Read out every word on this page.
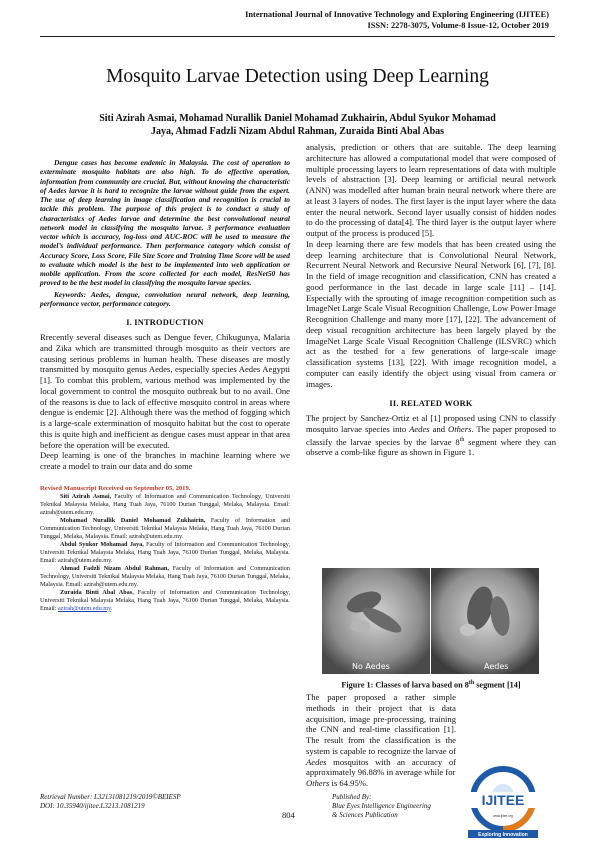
International Journal of Innovative Technology and Exploring Engineering (IJITEE)
ISSN: 2278-3075, Volume-8 Issue-12, October 2019
Mosquito Larvae Detection using Deep Learning
Siti Azirah Asmai, Mohamad Nurallik Daniel Mohamad Zukhairin, Abdul Syukor Mohamad
Jaya, Ahmad Fadzli Nizam Abdul Rahman, Zuraida Binti Abal Abas

Dengue cases has become endemic in Malaysia. The cost of operation to exterminate mosquito habitats are also high. To do effective operation, information from community are crucial. But, without knowing the characteristic of Aedes larvae it is hard to recognize the larvae without guide from the expert. The use of deep learning in image classification and recognition is crucial to tackle this problem. The purpose of this project is to conduct a study of characteristics of Aedes larvae and determine the best convolutional neural network model in classifying the mosquito larvae. 3 performance evaluation vector which is accuracy, log-loss and AUC-ROC will be used to measure the model’s individual performance. Then performance category which consist of Accuracy Score, Loss Score, File Size Score and Training Time Score will be used to evaluate which model is the best to be implemented into web application or mobile application. From the score collected for each model, ResNet50 has proved to be the best model in classifying the mosquito larvae species.

Keywords: Aedes, dengue, convolution neural network, deep learning, performance vector, performance category.

I. INTRODUCTION

Rrecently several diseases such as Dengue fever, Chikugunya, Malaria and Zika which are transmitted through mosquito as their vectors are causing serious problems in human health. These diseases are mostly transmitted by mosquito genus Aedes, especially species Aedes Aegypti [1]. To combat this problem, various method was implemented by the local government to control the mosquito outbreak but to no avail. One of the reasons is due to lack of effective mosquito control in areas where dengue is endemic [2]. Although there was the method of fogging which is a large-scale extermination of mosquito habitat but the cost to operate this is quite high and inefficient as dengue cases must appear in that area before the operation will be executed.
Deep learning is one of the branches in machine learning where we create a model to train our data and do some

Revised Manuscript Received on September 05, 2019.
Siti Azirah Asmai, Faculty of Information and Communication Technology, Universiti Teknikal Malaysia Melaka, Hang Tuah Jaya, 76100 Durian Tunggal, Melaka, Malaysia. Email: azirah@utem.edu.my.
Mohamad Nurallik Daniel Mohamad Zukhairin, Faculty of Information and Communication Technology, Universiti Teknikal Malaysia Melaka, Hang Tuah Jaya, 76100 Durian Tunggal, Melaka, Malaysia. Email: azirah@utem.edu.my.
Abdul Syukor Mohamad Jaya, Faculty of Information and Communication Technology, Universiti Teknikal Malaysia Melaka, Hang Tuah Jaya, 76100 Durian Tunggal, Melaka, Malaysia. Email: azirah@utem.edu.my.
Ahmad Fadzli Nizam Abdul Rahman, Faculty of Information and Communication Technology, Universiti Teknikal Malaysia Melaka, Hang Tuah Jaya, 76100 Durian Tunggal, Melaka, Malaysia. Email: azirah@utem.edu.my.
Zuraida Binti Abal Abas, Faculty of Information and Communication Technology, Universiti Teknikal Malaysia Melaka, Hang Tuah Jaya, 76100 Durian Tunggal, Melaka, Malaysia. Email: azirah@utem.edu.my.

analysis, prediction or others that are suitable. The deep learning architecture has allowed a computational model that were composed of multiple processing layers to learn representations of data with multiple levels of abstraction [3]. Deep learning or artificial neural network (ANN) was modelled after human brain neural network where there are at least 3 layers of nodes. The first layer is the input layer where the data enter the neural network. Second layer usually consist of hidden nodes to do the processing of data[4]. The third layer is the output layer where output of the process is produced [5].
In deep learning there are few models that has been created using the deep learning architecture that is Convolutional Neural Network, Recurrent Neural Network and Recursive Neural Network [6], [7], [8]. In the field of image recognition and classification, CNN has created a good performance in the last decade in large scale [11] – [14]. Especially with the sprouting of image recognition competition such as ImageNet Large Scale Visual Recognition Challenge, Low Power Image Recognition Challenge and many more [17], [22]. The advancement of deep visual recognition architecture has been largely played by the ImageNet Large Scale Visual Recognition Challenge (ILSVRC) which act as the testbed for a few generations of large-scale image classification systems [13], [22]. With image recognition model, a computer can easily identify the object using visual from camera or images.

II. RELATED WORK

The project by Sanchez-Ortiz et al [1] proposed using CNN to classify mosquito larvae species into Aedes and Others. The paper proposed to classify the larvae species by the larvae 8th segment where they can observe a comb-like figure as shown in Figure 1.

No Aedes	Aedes
Figure 1: Classes of larva based on 8th segment [14]
The paper proposed a rather simple methods in their project that is data acquisition, image pre-processing, training the CNN and real-time classification [1]. The result from the classification is the system is capable to recognize the larvae of Aedes mosquitos with an accuracy of approximately 96.88% in average while for
Others is 64.95%.
Retrieval Number: L32131081219/2019©BEIESP
DOI: 10.35940/ijitee.L3213.1081219
804
Published By:
Blue Eyes Intelligence Engineering
& Sciences Publication
IJITEE
www.ijitee.org
Exploring Innovation
